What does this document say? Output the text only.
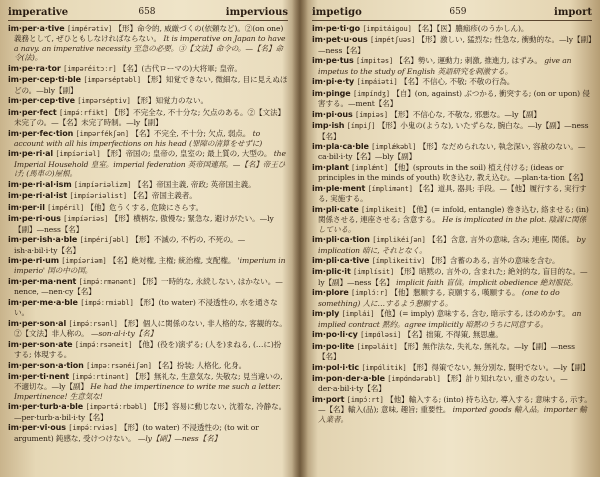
imperative	658	impervious
im·per·a·tive [impérətiv] 【形】命令的, 威厳づくの(依頼など)。②(on one) 義務として, ぜひともしなければならない。 It is imperative on Japan to have a navy. an imperative necessity 至急の必要。③【文法】命令の。—【名】命令(法)。
im·pe·ra·tor [impəréitɔːr] 【名】(古代ローマの)大将軍; 皇帝。
im·per·cep·ti·ble [impərséptəbl] 【形】知覚できない, 微細な, 目に見えぬほどの。—bly【副】
im·per·cep·tive [impərséptiv] 【形】知覚力のない。
im·per·fect [impə́ːrfikt] 【形】不完全な, 不十分な; 欠点のある。②【文法】未完了の。—【名】未完了時制。—ly【副】
im·per·fec·tion [impərfékʃən] 【名】不完全, 不十分; 欠点, 弱点。 to account with all his imperfections on his head (罪障の清算をせずに)
im·pe·ri·al [impíəriəl] 【形】帝国の; 皇帝の, 皇室の; 最上質の, 大型の。 the Imperial Household 皇室。imperial federation 英帝国連邦。—【名】帝王ひげ; (馬車の)屋根。
im·pe·ri·al·ism [impíəriəlizm] 【名】帝国主義, 帝政; 英帝国主義。
im·pe·ri·al·ist [impíəriəlist] 【名】帝国主義者。
im·per·il [impéril] 【他】危うくする, 危険にさらす。
im·pe·ri·ous [impíəriəs] 【形】横柄な, 傲慢な; 緊急な, 避けがたい。—ly【副】—ness【名】
im·per·ish·a·ble [impériʃəbl] 【形】不滅の, 不朽の, 不死の。—ish·a·bil·i·ty【名】
im·pe·ri·um [impíəriəm] 【名】絶対権, 主権; 統治権, 支配権。 'imperium in imperio' 国の中の国。
im·per·ma·nent [impə́ːrmənənt] 【形】一時的な, 永続しない, はかない。—nence, —nen·cy【名】
im·per·me·a·ble [impə́ːrmiəbl] 【形】(to water) 不浸透性の, 水を通さない。
im·per·son·al [impə́ːrsənl] 【形】個人に関係のない, 非人格的な, 客観的な。②【文法】非人称の。 —son·al·i·ty【名】
im·per·son·ate [impə́ːrsəneit] 【他】(役を)演ずる; (人を)まねる, (…に)扮する; 体現する。
im·per·son·a·tion [impəːrsənéiʃən] 【名】扮装; 人格化, 化身。
im·per·ti·nent [impə́ːrtinənt] 【形】無礼な, 生意気な, 失敬な; 見当違いの, 不適切な。—ly【副】 He had the impertinence to write me such a letter. Impertinence! 生意気な!
im·per·turb·a·ble [impərtə́ːrbəbl] 【形】容易に動じない, 沈着な, 冷静な。—per·turb·a·bil·i·ty【名】
im·per·vi·ous [impə́ːrviəs] 【形】(to water) 不浸透性の; (to wit or argument) 鈍感な, 受けつけない。 —ly【副】—ness【名】
impetigo	659	import
im·pe·ti·go [impitáigou] 【名】【医】膿痂疹(のうかしん)。
im·pet·u·ous [impétʃuəs] 【形】激しい, 猛烈な; 性急な, 衝動的な。—ly【副】—ness【名】
im·pe·tus [ímpitəs] 【名】勢い, 運動力; 刺激, 推進力, はずみ。 give an impetus to the study of English 英語研究を刺激する。
im·pi·e·ty [impáiəti] 【名】不信心, 不敬; 不敬の行為。
im·pinge [impíndʒ] 【自】(on, against) ぶつかる, 衝突する; (on or upon) 侵害する。—ment【名】
im·pi·ous [ímpiəs] 【形】不信心な, 不敬な, 邪悪な。—ly【副】
imp·ish [ímpiʃ] 【形】小鬼の(ような), いたずらな, 腕白な。—ly【副】—ness【名】
im·pla·ca·ble [implǽkəbl] 【形】なだめられない, 執念深い, 容赦のない。—ca·bil·i·ty【名】—bly【副】
im·plant [implǽnt] 【他】(sprouts in the soil) 植え付ける; (ideas or principles in the minds of youth) 吹き込む, 教え込む。—plan·ta·tion【名】
im·ple·ment [ímplimənt] 【名】道具, 器具; 手段。—【他】履行する, 実行する, 実施する。
im·pli·cate [ímplikeit] 【他】(= infold, entangle) 巻き込む, 絡ませる; (in) 関係させる, 連座させる; 含意する。 He is implicated in the plot. 陰謀に関係している。
im·pli·ca·tion [implikéiʃən] 【名】含意, 言外の意味, 含み; 連座, 関係。 by implication 暗に, それとなく。
im·pli·ca·tive [ímplikeitiv] 【形】含蓄のある, 言外の意味を含む。
im·plic·it [implísit] 【形】暗黙の, 言外の, 含まれた; 絶対的な, 盲目的な。—ly【副】—ness【名】 implicit faith 盲信。implicit obedience 絶対服従。
im·plore [implɔ́ːr] 【他】懇願する, 哀願する, 嘆願する。 (one to do something) 人に…するよう懇願する。
im·ply [implái] 【他】(= imply) 意味する, 含む, 暗示する, ほのめかす。 an implied contract 黙約。agree implicitly 暗黙のうちに同意する。
im·po·li·cy [impɑ́ləsi] 【名】拙策, 不得策, 無思慮。
im·po·lite [impəláit] 【形】無作法な, 失礼な, 無礼な。—ly【副】—ness【名】
im·pol·i·tic [impɑ́litik] 【形】得策でない, 無分別な, 賢明でない。—ly【副】
im·pon·der·a·ble [impɑ́ndərəbl] 【形】計り知れない, 重さのない。—der·a·bil·i·ty【名】
im·port [impɔ́ːrt] 【他】輸入する; (into) 持ち込む, 導入する; 意味する, 示す。—【名】輸入(品); 意味, 趣旨; 重要性。 imported goods 輸入品。importer 輸入業者。
